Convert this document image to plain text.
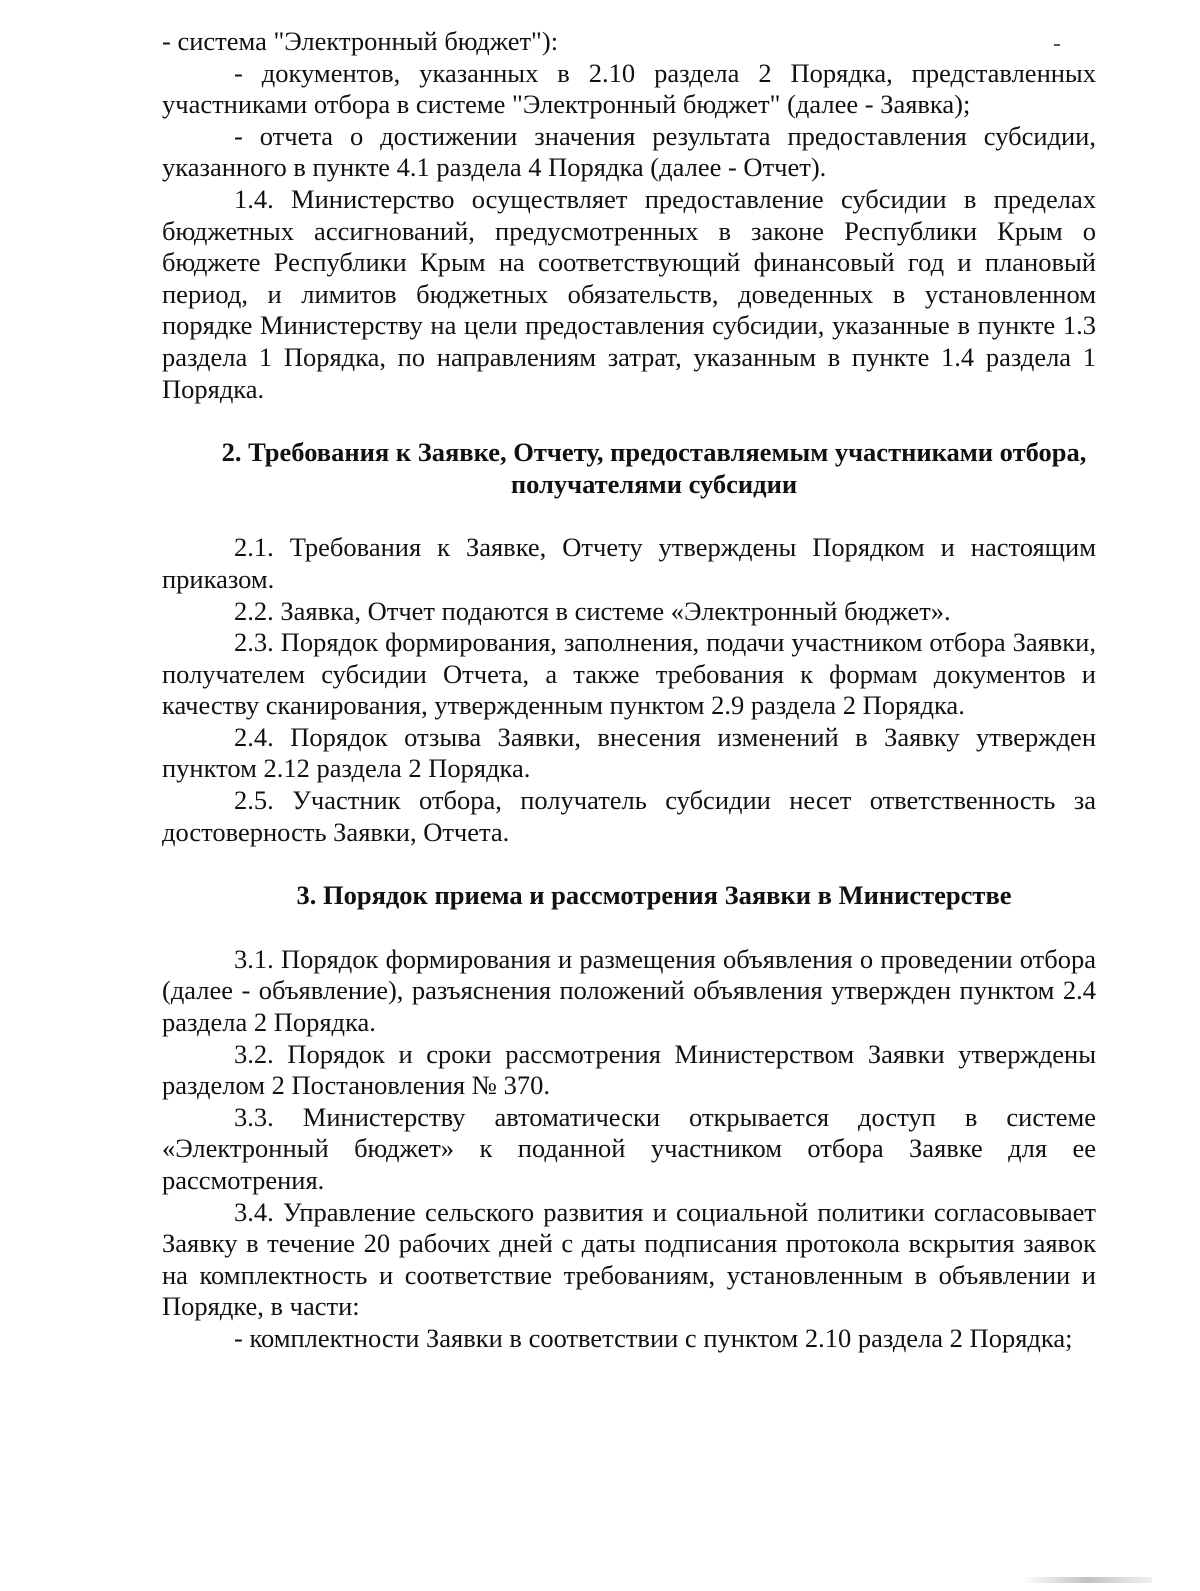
- система "Электронный бюджет"):

- документов, указанных в 2.10 раздела 2 Порядка, представленных участниками отбора в системе "Электронный бюджет" (далее - Заявка);

- отчета о достижении значения результата предоставления субсидии, указанного в пункте 4.1 раздела 4 Порядка (далее - Отчет).

1.4. Министерство осуществляет предоставление субсидии в пределах бюджетных ассигнований, предусмотренных в законе Республики Крым о бюджете Республики Крым на соответствующий финансовый год и плановый период, и лимитов бюджетных обязательств, доведенных в установленном порядке Министерству на цели предоставления субсидии, указанные в пункте 1.3 раздела 1 Порядка, по направлениям затрат, указанным в пункте 1.4 раздела 1 Порядка.

2. Требования к Заявке, Отчету, предоставляемым участниками отбора, получателями субсидии

2.1. Требования к Заявке, Отчету утверждены Порядком и настоящим приказом.

2.2. Заявка, Отчет подаются в системе «Электронный бюджет».

2.3. Порядок формирования, заполнения, подачи участником отбора Заявки, получателем субсидии Отчета, а также требования к формам документов и качеству сканирования, утвержденным пунктом 2.9 раздела 2 Порядка.

2.4. Порядок отзыва Заявки, внесения изменений в Заявку утвержден пунктом 2.12 раздела 2 Порядка.

2.5. Участник отбора, получатель субсидии несет ответственность за достоверность Заявки, Отчета.

3. Порядок приема и рассмотрения Заявки в Министерстве

3.1. Порядок формирования и размещения объявления о проведении отбора (далее - объявление), разъяснения положений объявления утвержден пунктом 2.4 раздела 2 Порядка.

3.2. Порядок и сроки рассмотрения Министерством Заявки утверждены разделом 2 Постановления № 370.

3.3. Министерству автоматически открывается доступ в системе «Электронный бюджет» к поданной участником отбора Заявке для ее рассмотрения.

3.4. Управление сельского развития и социальной политики согласовывает Заявку в течение 20 рабочих дней с даты подписания протокола вскрытия заявок на комплектность и соответствие требованиям, установленным в объявлении и Порядке, в части:

- комплектности Заявки в соответствии с пунктом 2.10 раздела 2 Порядка;
